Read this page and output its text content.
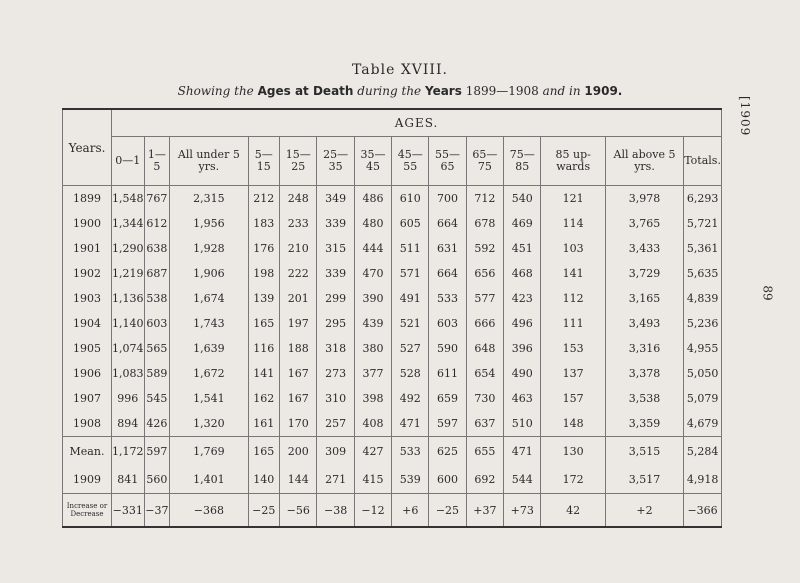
Table XVIII.
Showing the Ages at Death during the Years 1899—1908 and in 1909.
[1909
89
Years.	AGES.													
	0—1	1—5	All under 5 yrs.	5—15	15—25	25—35	35—45	45—55	55—65	65—75	75—85	85 up-wards	All above 5 yrs.	Totals.
1899	1,548	767	2,315	212	248	349	486	610	700	712	540	121	3,978	6,293
1900	1,344	612	1,956	183	233	339	480	605	664	678	469	114	3,765	5,721
1901	1,290	638	1,928	176	210	315	444	511	631	592	451	103	3,433	5,361
1902	1,219	687	1,906	198	222	339	470	571	664	656	468	141	3,729	5,635
1903	1,136	538	1,674	139	201	299	390	491	533	577	423	112	3,165	4,839
1904	1,140	603	1,743	165	197	295	439	521	603	666	496	111	3,493	5,236
1905	1,074	565	1,639	116	188	318	380	527	590	648	396	153	3,316	4,955
1906	1,083	589	1,672	141	167	273	377	528	611	654	490	137	3,378	5,050
1907	996	545	1,541	162	167	310	398	492	659	730	463	157	3,538	5,079
1908	894	426	1,320	161	170	257	408	471	597	637	510	148	3,359	4,679
Mean.	1,172	597	1,769	165	200	309	427	533	625	655	471	130	3,515	5,284
1909	841	560	1,401	140	144	271	415	539	600	692	544	172	3,517	4,918
Increase or Decrease	−331	−37	−368	−25	−56	−38	−12	+6	−25	+37	+73	42	+2	−366
